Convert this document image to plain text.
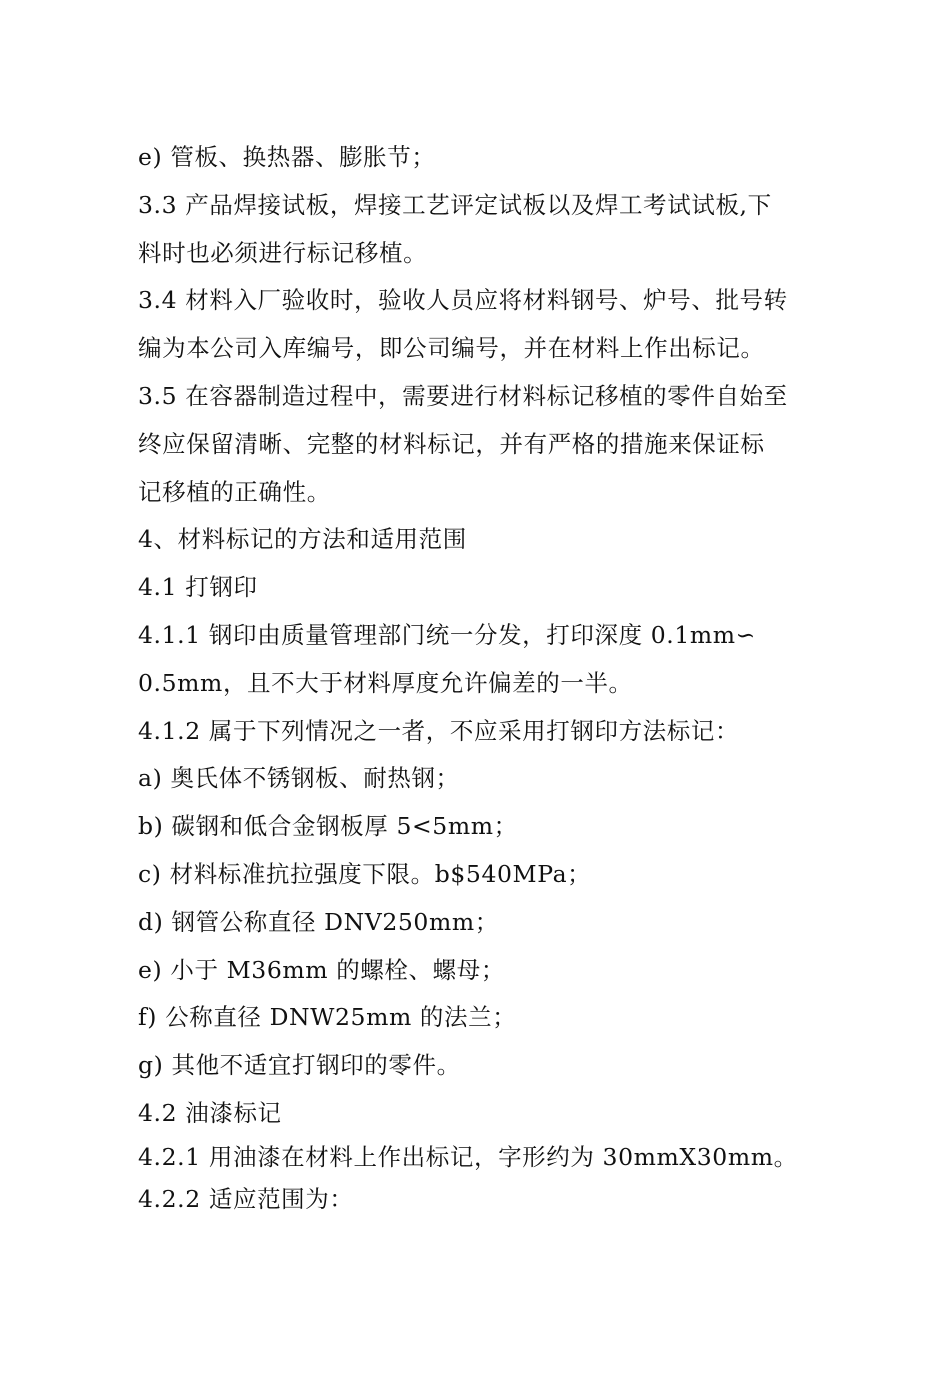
e) 管板、换热器、膨胀节；
3.3 产品焊接试板，焊接工艺评定试板以及焊工考试试板,下
料时也必须进行标记移植。
3.4 材料入厂验收时，验收人员应将材料钢号、炉号、批号转
编为本公司入库编号，即公司编号，并在材料上作出标记。
3.5 在容器制造过程中，需要进行材料标记移植的零件自始至
终应保留清晰、完整的材料标记，并有严格的措施来保证标
记移植的正确性。
4、材料标记的方法和适用范围
4.1 打钢印
4.1.1 钢印由质量管理部门统一分发，打印深度 0.1mm∽
0.5mm，且不大于材料厚度允许偏差的一半。
4.1.2 属于下列情况之一者，不应采用打钢印方法标记：
a) 奥氏体不锈钢板、耐热钢；
b) 碳钢和低合金钢板厚 5<5mm；
c) 材料标准抗拉强度下限。b$540MPa；
d) 钢管公称直径 DNV250mm；
e) 小于 M36mm 的螺栓、螺母；
f) 公称直径 DNW25mm 的法兰；
g) 其他不适宜打钢印的零件。
4.2 油漆标记
4.2.1 用油漆在材料上作出标记，字形约为 30mmX30mm。
4.2.2 适应范围为：
